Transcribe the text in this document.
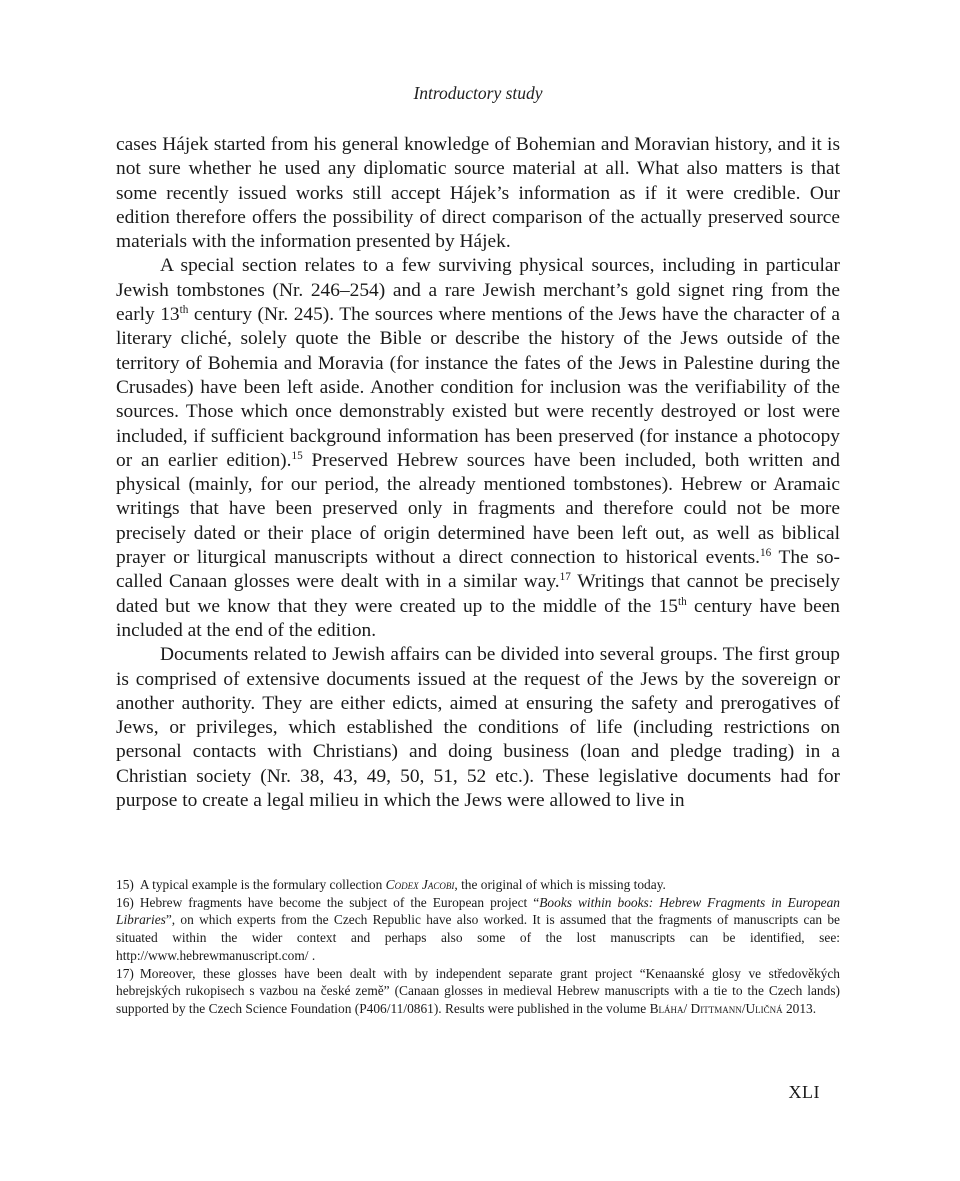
Introductory study

cases Hájek started from his general knowledge of Bohemian and Moravian history, and it is not sure whether he used any diplomatic source material at all. What also matters is that some recently issued works still accept Hájek’s information as if it were credible. Our edition therefore offers the possibility of direct comparison of the actually preserved source materials with the information presented by Hájek.

A special section relates to a few surviving physical sources, including in particular Jewish tombstones (Nr. 246–254) and a rare Jewish merchant’s gold signet ring from the early 13th century (Nr. 245). The sources where mentions of the Jews have the character of a literary cliché, solely quote the Bible or describe the history of the Jews outside of the territory of Bohemia and Moravia (for instance the fates of the Jews in Palestine during the Crusades) have been left aside. Another condition for inclusion was the verifiability of the sources. Those which once demonstrably existed but were recently destroyed or lost were included, if sufficient background information has been preserved (for instance a photocopy or an earlier edition).$^{15}$ Preserved Hebrew sources have been included, both written and physical (mainly, for our period, the already mentioned tombstones). Hebrew or Aramaic writings that have been preserved only in fragments and therefore could not be more precisely dated or their place of origin determined have been left out, as well as biblical prayer or liturgical manuscripts without a direct connection to historical events.$^{16}$ The so-called Canaan glosses were dealt with in a similar way.$^{17}$ Writings that cannot be precisely dated but we know that they were created up to the middle of the 15th century have been included at the end of the edition.

Documents related to Jewish affairs can be divided into several groups. The first group is comprised of extensive documents issued at the request of the Jews by the sovereign or another authority. They are either edicts, aimed at ensuring the safety and prerogatives of Jews, or privileges, which established the conditions of life (including restrictions on personal contacts with Christians) and doing business (loan and pledge trading) in a Christian society (Nr. 38, 43, 49, 50, 51, 52 etc.). These legislative documents had for purpose to create a legal milieu in which the Jews were allowed to live in

15) A typical example is the formulary collection Codex Jacobi, the original of which is missing today.

16) Hebrew fragments have become the subject of the European project “Books within books: Hebrew Fragments in European Libraries”, on which experts from the Czech Republic have also worked. It is assumed that the fragments of manuscripts can be situated within the wider context and perhaps also some of the lost manuscripts can be identified, see: http://www.hebrewmanuscript.com/ .

17) Moreover, these glosses have been dealt with by independent separate grant project “Kenaanské glosy ve středověkých hebrejských rukopisech s vazbou na české země” (Canaan glosses in medieval Hebrew manuscripts with a tie to the Czech lands) supported by the Czech Science Foundation (P406/11/0861). Results were published in the volume Bláha/ Dittmann/Uličná 2013.

XLI
